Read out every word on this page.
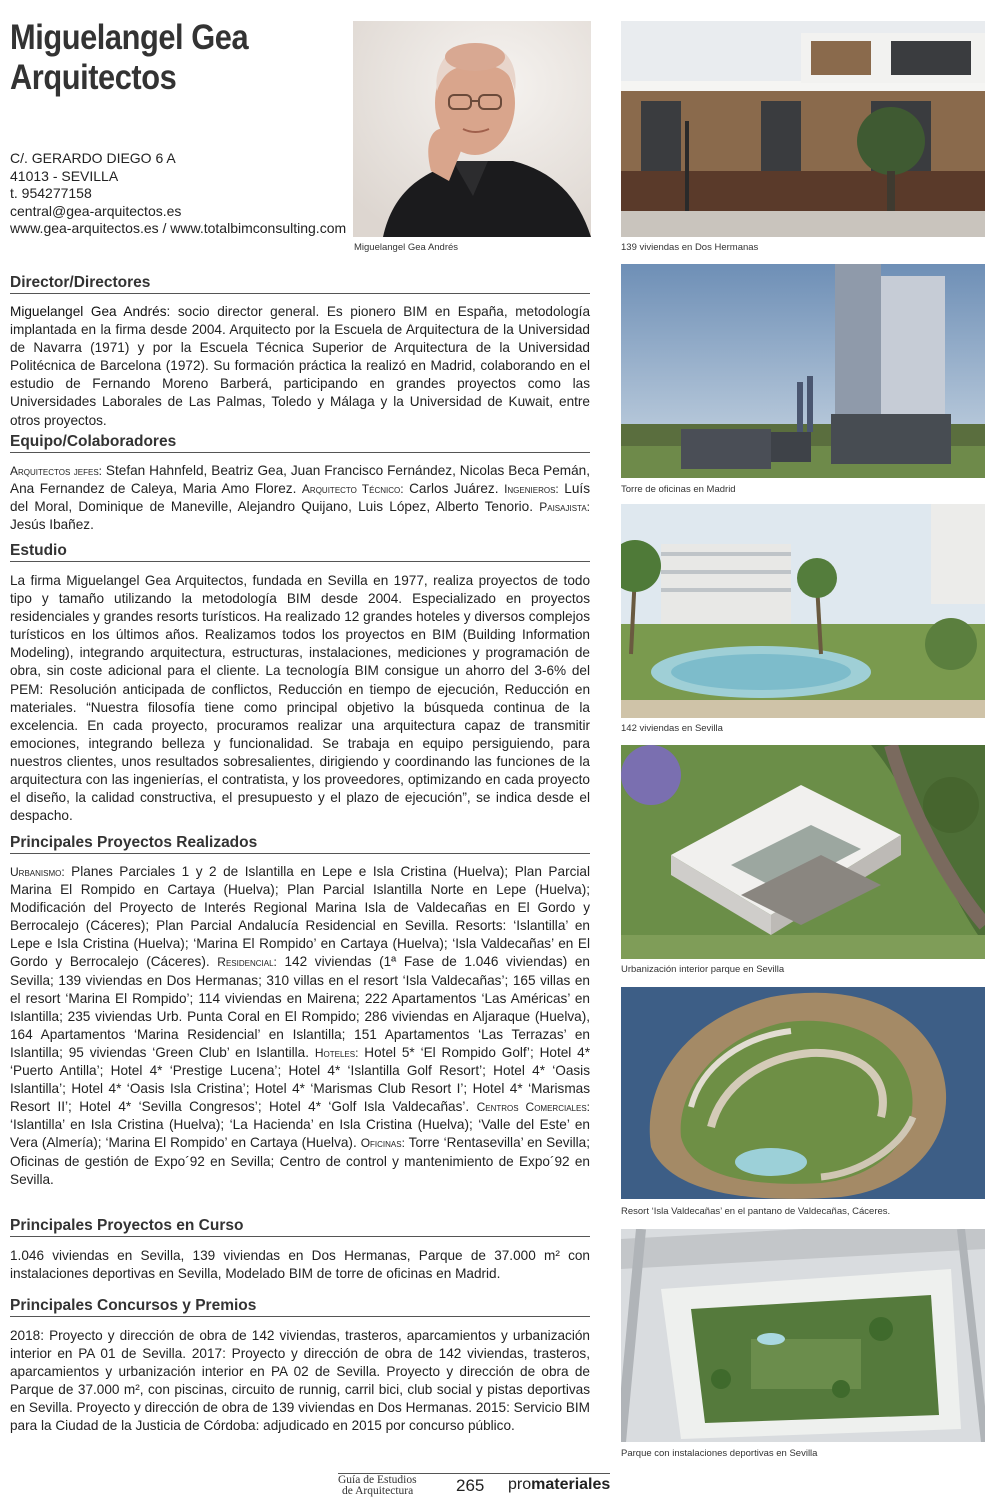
Miguelangel Gea
Arquitectos
C/. GERARDO DIEGO 6 A
41013 - SEVILLA
t. 954277158
central@gea-arquitectos.es
www.gea-arquitectos.es / www.totalbimconsulting.com
Miguelangel Gea Andrés
Director/Directores
Miguelangel Gea Andrés: socio director general. Es pionero BIM en España, metodología implantada en la firma desde 2004. Arquitecto por la Escuela de Arquitectura de la Universidad de Navarra (1971) y por la Escuela Técnica Superior de Arquitectura de la Universidad Politécnica de Barcelona (1972). Su formación práctica la realizó en Madrid, colaborando en el estudio de Fernando Moreno Barberá, participando en grandes proyectos como las Universidades Laborales de Las Palmas, Toledo y Málaga y la Universidad de Kuwait, entre otros proyectos.
Equipo/Colaboradores
Arquitectos jefes: Stefan Hahnfeld, Beatriz Gea, Juan Francisco Fernández, Nicolas Beca Pemán, Ana Fernandez de Caleya, Maria Amo Florez. Arquitecto Técnico: Carlos Juárez. Ingenieros: Luís del Moral, Dominique de Maneville, Alejandro Quijano, Luis López, Alberto Tenorio. Paisajista: Jesús Ibañez.
Estudio
La firma Miguelangel Gea Arquitectos, fundada en Sevilla en 1977, realiza proyectos de todo tipo y tamaño utilizando la metodología BIM desde 2004. Especializado en proyectos residenciales y grandes resorts turísticos. Ha realizado 12 grandes hoteles y diversos complejos turísticos en los últimos años. Realizamos todos los proyectos en BIM (Building Information Modeling), integrando arquitectura, estructuras, instalaciones, mediciones y programación de obra, sin coste adicional para el cliente. La tecnología BIM consigue un ahorro del 3-6% del PEM: Resolución anticipada de conflictos, Reducción en tiempo de ejecución, Reducción en materiales. “Nuestra filosofía tiene como principal objetivo la búsqueda continua de la excelencia. En cada proyecto, procuramos realizar una arquitectura capaz de transmitir emociones, integrando belleza y funcionalidad. Se trabaja en equipo persiguiendo, para nuestros clientes, unos resultados sobresalientes, dirigiendo y coordinando las funciones de la arquitectura con las ingenierías, el contratista, y los proveedores, optimizando en cada proyecto el diseño, la calidad constructiva, el presupuesto y el plazo de ejecución”, se indica desde el despacho.
Principales Proyectos Realizados
Urbanismo: Planes Parciales 1 y 2 de Islantilla en Lepe e Isla Cristina (Huelva); Plan Parcial Marina El Rompido en Cartaya (Huelva); Plan Parcial Islantilla Norte en Lepe (Huelva); Modificación del Proyecto de Interés Regional Marina Isla de Valdecañas en El Gordo y Berrocalejo (Cáceres); Plan Parcial Andalucía Residencial en Sevilla. Resorts: ‘Islantilla’ en Lepe e Isla Cristina (Huelva); ‘Marina El Rompido’ en Cartaya (Huelva); ‘Isla Valdecañas’ en El Gordo y Berrocalejo (Cáceres). Residencial: 142 viviendas (1ª Fase de 1.046 viviendas) en Sevilla; 139 viviendas en Dos Hermanas; 310 villas en el resort ‘Isla Valdecañas’; 165 villas en el resort ‘Marina El Rompido’; 114 viviendas en Mairena; 222 Apartamentos ‘Las Américas’ en Islantilla; 235 viviendas Urb. Punta Coral en El Rompido; 286 viviendas en Aljaraque (Huelva), 164 Apartamentos ‘Marina Residencial’ en Islantilla; 151 Apartamentos ‘Las Terrazas’ en Islantilla; 95 viviendas ‘Green Club’ en Islantilla. Hoteles: Hotel 5* ‘El Rompido Golf’; Hotel 4* ‘Puerto Antilla’; Hotel 4* ‘Prestige Lucena’; Hotel 4* ‘Islantilla Golf Resort’; Hotel 4* ‘Oasis Islantilla’; Hotel 4* ‘Oasis Isla Cristina’; Hotel 4* ‘Marismas Club Resort I’; Hotel 4* ‘Marismas Resort II’; Hotel 4* ‘Sevilla Congresos’; Hotel 4* ‘Golf Isla Valdecañas’. Centros Comerciales: ‘Islantilla’ en Isla Cristina (Huelva); ‘La Hacienda’ en Isla Cristina (Huelva); ‘Valle del Este’ en Vera (Almería); ‘Marina El Rompido’ en Cartaya (Huelva). Oficinas: Torre ‘Rentasevilla’ en Sevilla; Oficinas de gestión de Expo´92 en Sevilla; Centro de control y mantenimiento de Expo´92 en Sevilla.
Principales Proyectos en Curso
1.046 viviendas en Sevilla, 139 viviendas en Dos Hermanas, Parque de 37.000 m² con instalaciones deportivas en Sevilla, Modelado BIM de torre de oficinas en Madrid.
Principales Concursos y Premios
2018: Proyecto y dirección de obra de 142 viviendas, trasteros, aparcamientos y urbanización interior en PA 01 de Sevilla. 2017: Proyecto y dirección de obra de 142 viviendas, trasteros, aparcamientos y urbanización interior en PA 02 de Sevilla. Proyecto y dirección de obra de Parque de 37.000 m², con piscinas, circuito de runnig, carril bici, club social y pistas deportivas en Sevilla. Proyecto y dirección de obra de 139 viviendas en Dos Hermanas. 2015: Servicio BIM para la Ciudad de la Justicia de Córdoba: adjudicado en 2015 por concurso público.
139 viviendas en Dos Hermanas
Torre de oficinas en Madrid
142 viviendas en Sevilla
Urbanización interior parque en Sevilla
Resort ‘Isla Valdecañas’ en el pantano de Valdecañas, Cáceres.
Parque con instalaciones deportivas en Sevilla
Guía de Estudios
de Arquitectura	265 promateriales
